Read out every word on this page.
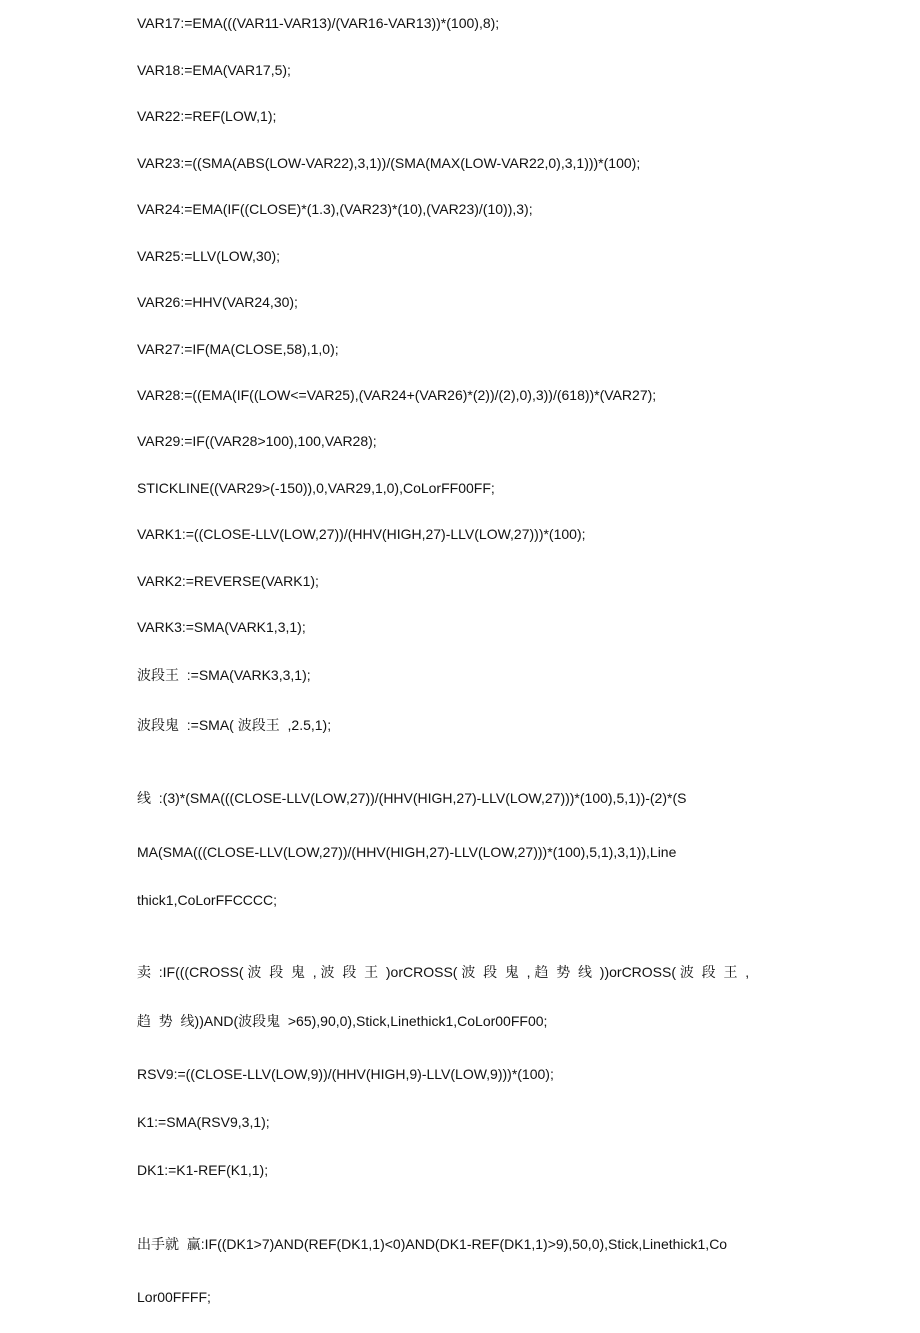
VAR17:=EMA(((VAR11-VAR13)/(VAR16-VAR13))*(100),8);

VAR18:=EMA(VAR17,5);

VAR22:=REF(LOW,1);

VAR23:=((SMA(ABS(LOW-VAR22),3,1))/(SMA(MAX(LOW-VAR22,0),3,1)))*(100);

VAR24:=EMA(IF((CLOSE)*(1.3),(VAR23)*(10),(VAR23)/(10)),3);

VAR25:=LLV(LOW,30);

VAR26:=HHV(VAR24,30);

VAR27:=IF(MA(CLOSE,58),1,0);

VAR28:=((EMA(IF((LOW<=VAR25),(VAR24+(VAR26)*(2))/(2),0),3))/(618))*(VAR27);

VAR29:=IF((VAR28>100),100,VAR28);

STICKLINE((VAR29>(-150)),0,VAR29,1,0),CoLorFF00FF;

VARK1:=((CLOSE-LLV(LOW,27))/(HHV(HIGH,27)-LLV(LOW,27)))*(100);

VARK2:=REVERSE(VARK1);

VARK3:=SMA(VARK1,3,1);

波段王  :=SMA(VARK3,3,1);

波段鬼  :=SMA( 波段王  ,2.5,1);

线  :(3)*(SMA(((CLOSE-LLV(LOW,27))/(HHV(HIGH,27)-LLV(LOW,27)))*(100),5,1))-(2)*(S

MA(SMA(((CLOSE-LLV(LOW,27))/(HHV(HIGH,27)-LLV(LOW,27)))*(100),5,1),3,1)),Line

thick1,CoLorFFCCCC;

卖  :IF(((CROSS( 波  段  鬼  , 波  段  王  )orCROSS( 波  段  鬼  , 趋  势  线  ))orCROSS( 波  段  王  ,

趋  势  线))AND(波段鬼  >65),90,0),Stick,Linethick1,CoLor00FF00;

RSV9:=((CLOSE-LLV(LOW,9))/(HHV(HIGH,9)-LLV(LOW,9)))*(100);

K1:=SMA(RSV9,3,1);

DK1:=K1-REF(K1,1);

出手就  赢:IF((DK1>7)AND(REF(DK1,1)<0)AND(DK1-REF(DK1,1)>9),50,0),Stick,Linethick1,Co

Lor00FFFF;
